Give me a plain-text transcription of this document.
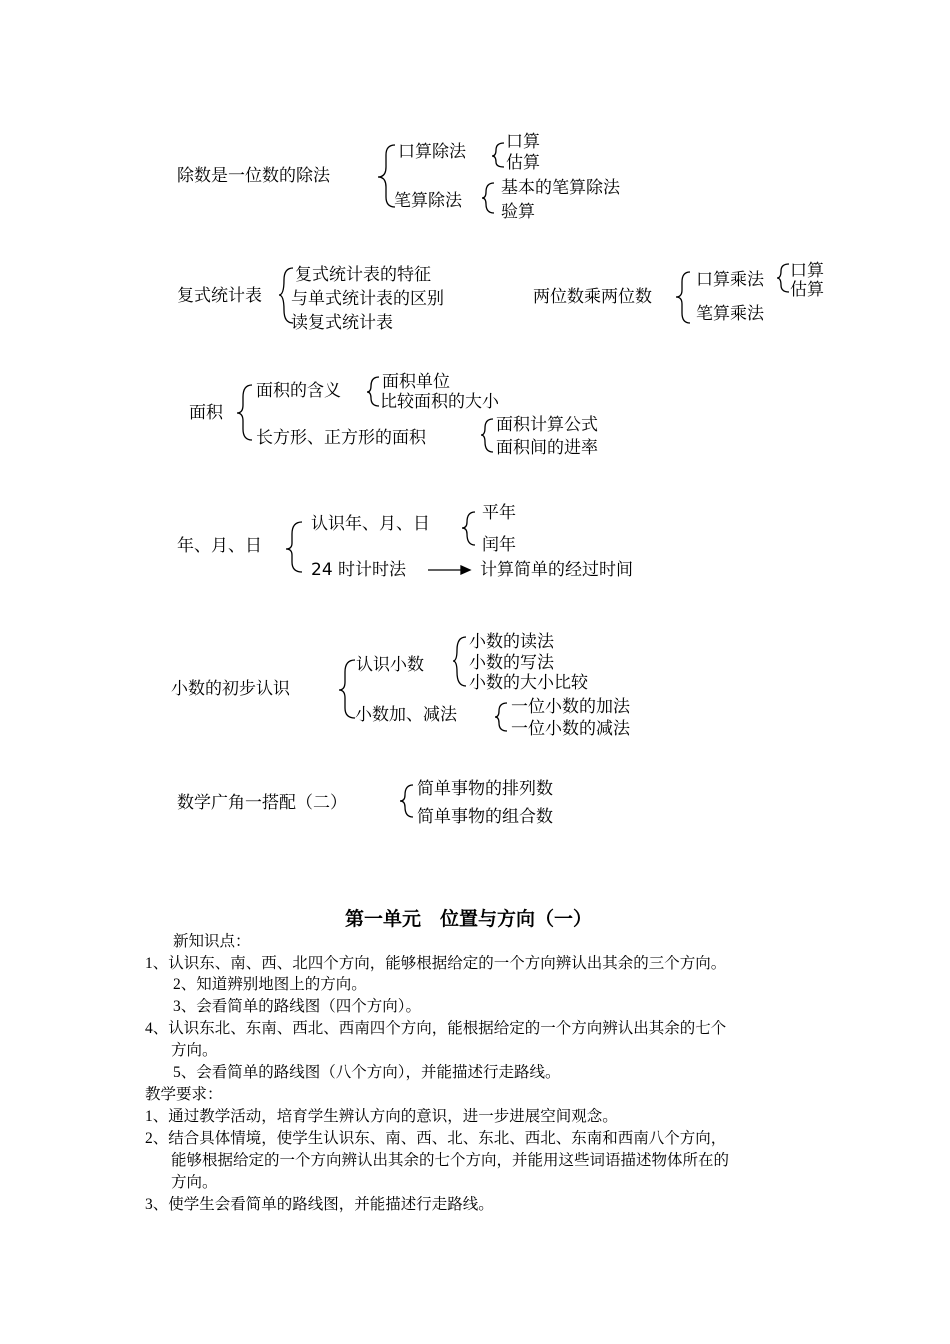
除数是一位数的除法
口算除法 口算
估算
笔算除法
基本的笔算除法
验算
复式统计表
复式统计表的特征
与单式统计表的区别
读复式统计表
两位数乘两位数
口算乘法 口算
估算
笔算乘法
面积
面积的含义 面积单位
比较面积的大小
长方形、正方形的面积
面积计算公式
面积间的进率
年、月、日
认识年、月、日
平年
闰年
24 时计时法	计算简单的经过时间
小数的初步认识
认识小数
小数的读法
小数的写法
小数的大小比较
小数加、减法	一位小数的加法
一位小数的减法
数学广角一搭配（二）
简单事物的排列数
简单事物的组合数
第一单元　位置与方向（一）
新知识点：
1、认识东、南、西、北四个方向，能够根据给定的一个方向辨认出其余的三个方向。
2、知道辨别地图上的方向。
3、会看简单的路线图（四个方向）。
4、认识东北、东南、西北、西南四个方向，能根据给定的一个方向辨认出其余的七个
方向。
5、会看简单的路线图（八个方向），并能描述行走路线。
教学要求：
1、通过教学活动，培育学生辨认方向的意识，进一步进展空间观念。
2、结合具体情境，使学生认识东、南、西、北、东北、西北、东南和西南八个方向，
能够根据给定的一个方向辨认出其余的七个方向，并能用这些词语描述物体所在的
方向。
3、使学生会看简单的路线图，并能描述行走路线。
